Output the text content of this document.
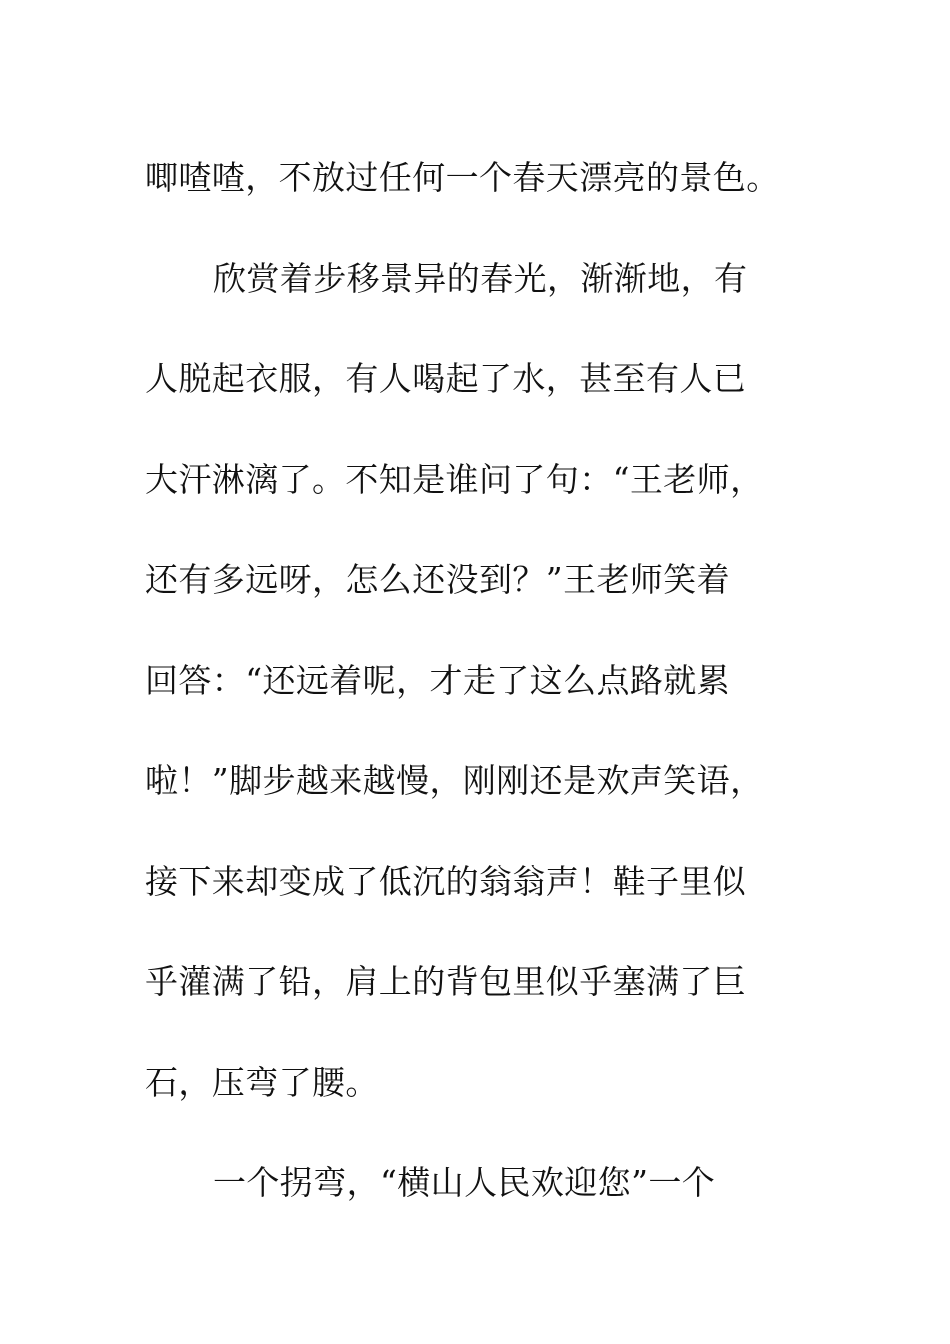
唧喳喳，不放过任何一个春天漂亮的景色。
欣赏着步移景异的春光，渐渐地，有
人脱起衣服，有人喝起了水，甚至有人已
大汗淋漓了。不知是谁问了句：“王老师，
还有多远呀，怎么还没到？”王老师笑着
回答：“还远着呢，才走了这么点路就累
啦！”脚步越来越慢，刚刚还是欢声笑语，
接下来却变成了低沉的翁翁声！鞋子里似
乎灌满了铅，肩上的背包里似乎塞满了巨
石，压弯了腰。
一个拐弯，“横山人民欢迎您”一个
